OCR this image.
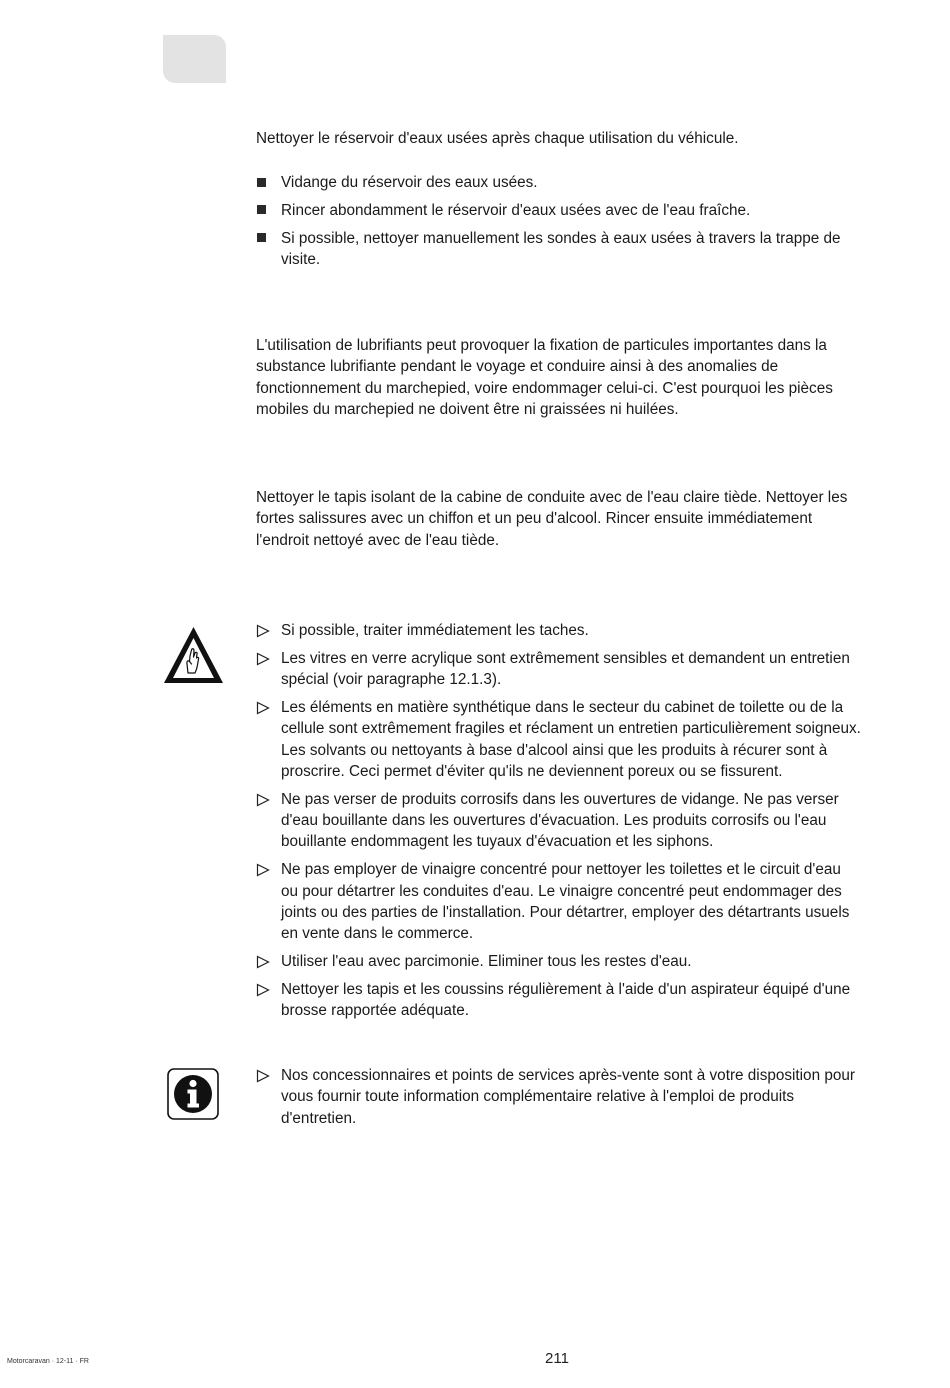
Nettoyer le réservoir d'eaux usées après chaque utilisation du véhicule.

Vidange du réservoir des eaux usées.
Rincer abondamment le réservoir d'eaux usées avec de l'eau fraîche.
Si possible, nettoyer manuellement les sondes à eaux usées à travers la trappe de visite.

L'utilisation de lubrifiants peut provoquer la fixation de particules importantes dans la substance lubrifiante pendant le voyage et conduire ainsi à des anomalies de fonctionnement du marchepied, voire endommager celui-ci. C'est pourquoi les pièces mobiles du marchepied ne doivent être ni graissées ni huilées.

Nettoyer le tapis isolant de la cabine de conduite avec de l'eau claire tiède. Nettoyer les fortes salissures avec un chiffon et un peu d'alcool. Rincer ensuite immédiatement l'endroit nettoyé avec de l'eau tiède.

Si possible, traiter immédiatement les taches.
Les vitres en verre acrylique sont extrêmement sensibles et demandent un entretien spécial (voir paragraphe 12.1.3).
Les éléments en matière synthétique dans le secteur du cabinet de toilette ou de la cellule sont extrêmement fragiles et réclament un entretien particulièrement soigneux. Les solvants ou nettoyants à base d'alcool ainsi que les produits à récurer sont à proscrire. Ceci permet d'éviter qu'ils ne deviennent poreux ou se fissurent.
Ne pas verser de produits corrosifs dans les ouvertures de vidange. Ne pas verser d'eau bouillante dans les ouvertures d'évacuation. Les produits corrosifs ou l'eau bouillante endommagent les tuyaux d'évacuation et les siphons.
Ne pas employer de vinaigre concentré pour nettoyer les toilettes et le circuit d'eau ou pour détartrer les conduites d'eau. Le vinaigre concentré peut endommager des joints ou des parties de l'installation. Pour détartrer, employer des détartrants usuels en vente dans le commerce.
Utiliser l'eau avec parcimonie. Eliminer tous les restes d'eau.
Nettoyer les tapis et les coussins régulièrement à l'aide d'un aspirateur équipé d'une brosse rapportée adéquate.
Nos concessionnaires et points de services après-vente sont à votre disposition pour vous fournir toute information complémentaire relative à l'emploi de produits d'entretien.
Motorcaravan · 12-11 · FR	211
